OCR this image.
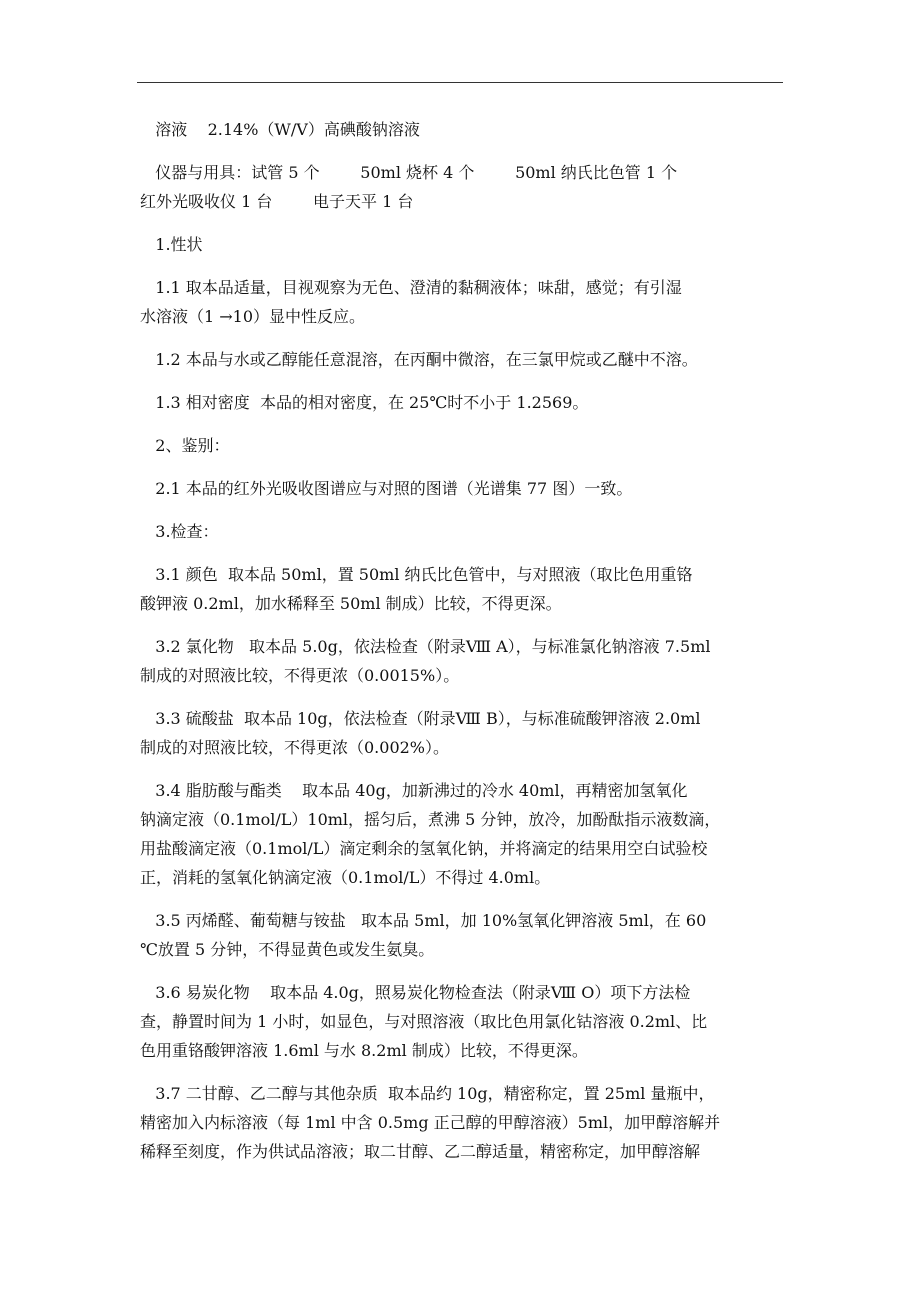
溶液    2.14%（W/V）高碘酸钠溶液

仪器与用具：试管 5 个        50ml 烧杯 4 个        50ml 纳氏比色管 1 个

红外光吸收仪 1 台        电子天平 1 台

1.性状

1.1 取本品适量，目视观察为无色、澄清的黏稠液体；味甜，感觉；有引湿

水溶液（1 →10）显中性反应。

1.2 本品与水或乙醇能任意混溶，在丙酮中微溶，在三氯甲烷或乙醚中不溶。

1.3 相对密度  本品的相对密度，在 25℃时不小于 1.2569。

2、鉴别：

2.1 本品的红外光吸收图谱应与对照的图谱（光谱集 77 图）一致。

3.检查：

3.1 颜色  取本品 50ml，置 50ml 纳氏比色管中，与对照液（取比色用重铬

酸钾液 0.2ml，加水稀释至 50ml 制成）比较，不得更深。

3.2 氯化物   取本品 5.0g，依法检查（附录Ⅷ A），与标准氯化钠溶液 7.5ml

制成的对照液比较，不得更浓（0.0015%）。

3.3 硫酸盐  取本品 10g，依法检查（附录Ⅷ B），与标准硫酸钾溶液 2.0ml

制成的对照液比较，不得更浓（0.002%）。

3.4 脂肪酸与酯类    取本品 40g，加新沸过的冷水 40ml，再精密加氢氧化

钠滴定液（0.1mol/L）10ml，摇匀后，煮沸 5 分钟，放冷，加酚酞指示液数滴，

用盐酸滴定液（0.1mol/L）滴定剩余的氢氧化钠，并将滴定的结果用空白试验校

正，消耗的氢氧化钠滴定液（0.1mol/L）不得过 4.0ml。

3.5 丙烯醛、葡萄糖与铵盐   取本品 5ml，加 10%氢氧化钾溶液 5ml，在 60

℃放置 5 分钟，不得显黄色或发生氨臭。

3.6 易炭化物    取本品 4.0g，照易炭化物检查法（附录Ⅷ O）项下方法检

查，静置时间为 1 小时，如显色，与对照溶液（取比色用氯化钴溶液 0.2ml、比

色用重铬酸钾溶液 1.6ml 与水 8.2ml 制成）比较，不得更深。

3.7 二甘醇、乙二醇与其他杂质  取本品约 10g，精密称定，置 25ml 量瓶中，

精密加入内标溶液（每 1ml 中含 0.5mg 正己醇的甲醇溶液）5ml，加甲醇溶解并

稀释至刻度，作为供试品溶液；取二甘醇、乙二醇适量，精密称定，加甲醇溶解
